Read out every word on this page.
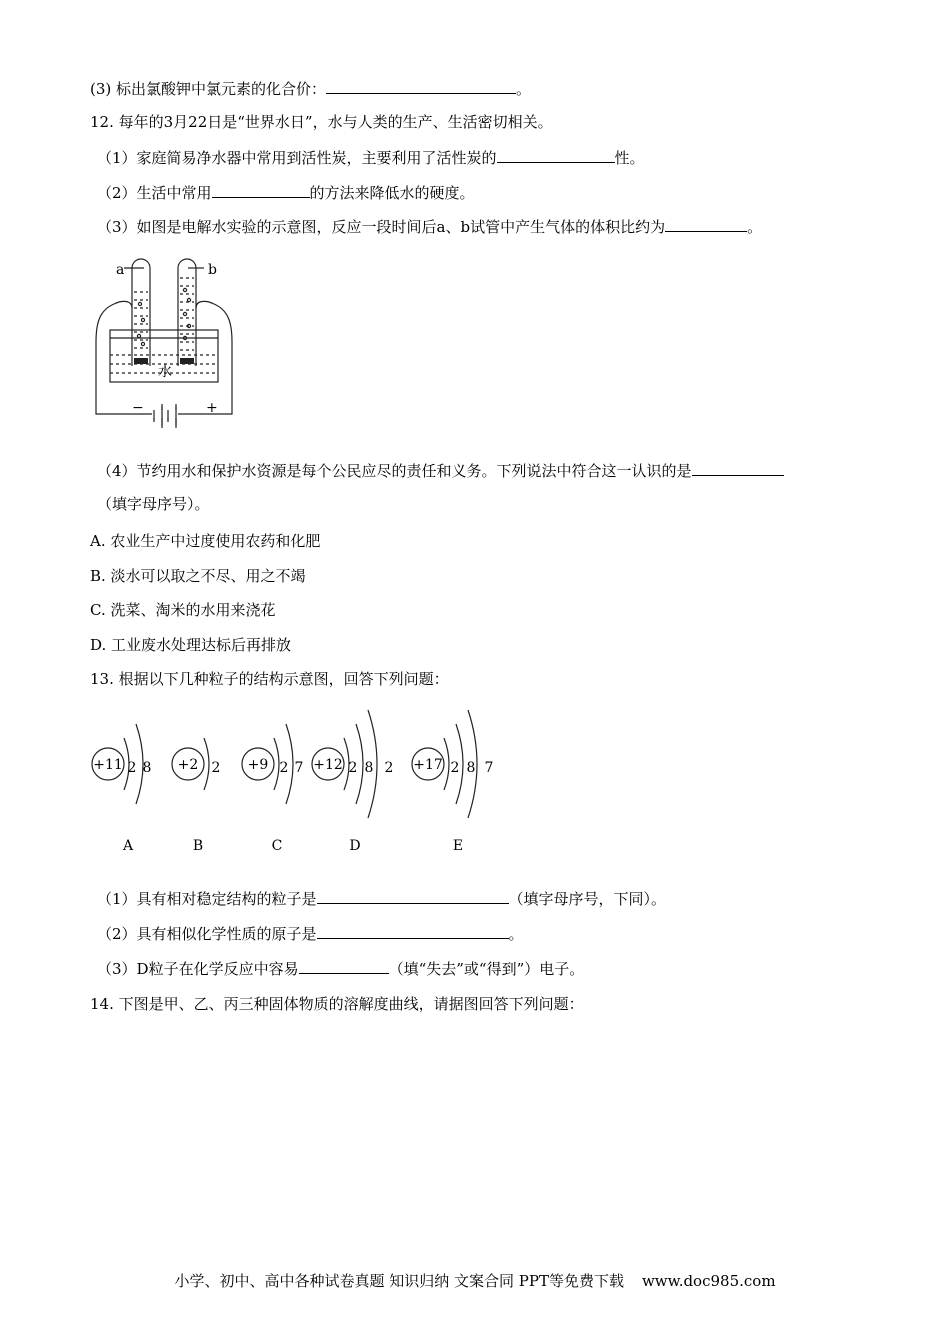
(3) 标出氯酸钾中氯元素的化合价：	。
12. 每年的3月22日是“世界水日”，水与人类的生产、生活密切相关。
（1）家庭简易净水器中常用到活性炭，主要利用了活性炭的	性。
（2）生活中常用	的方法来降低水的硬度。
（3）如图是电解水实验的示意图，反应一段时间后a、b试管中产生气体的体积比约为	。
a	b
水
−	+
（4）节约用水和保护水资源是每个公民应尽的责任和义务。下列说法中符合这一认识的是
（填字母序号）。
A. 农业生产中过度使用农药和化肥
B. 淡水可以取之不尽、用之不竭
C. 洗菜、淘米的水用来浇花
D. 工业废水处理达标后再排放
13. 根据以下几种粒子的结构示意图，回答下列问题：
+11 2 8 +2 2 +9 2 7 +12 2 8 2 +17 2 8 7
A	B	C	D	E
（1）具有相对稳定结构的粒子是	（填字母序号，下同）。
（2）具有相似化学性质的原子是	。
（3）D粒子在化学反应中容易	（填“失去”或“得到”）电子。
14. 下图是甲、乙、丙三种固体物质的溶解度曲线，请据图回答下列问题：
小学、初中、高中各种试卷真题 知识归纳 文案合同 PPT等免费下载 www.doc985.com
